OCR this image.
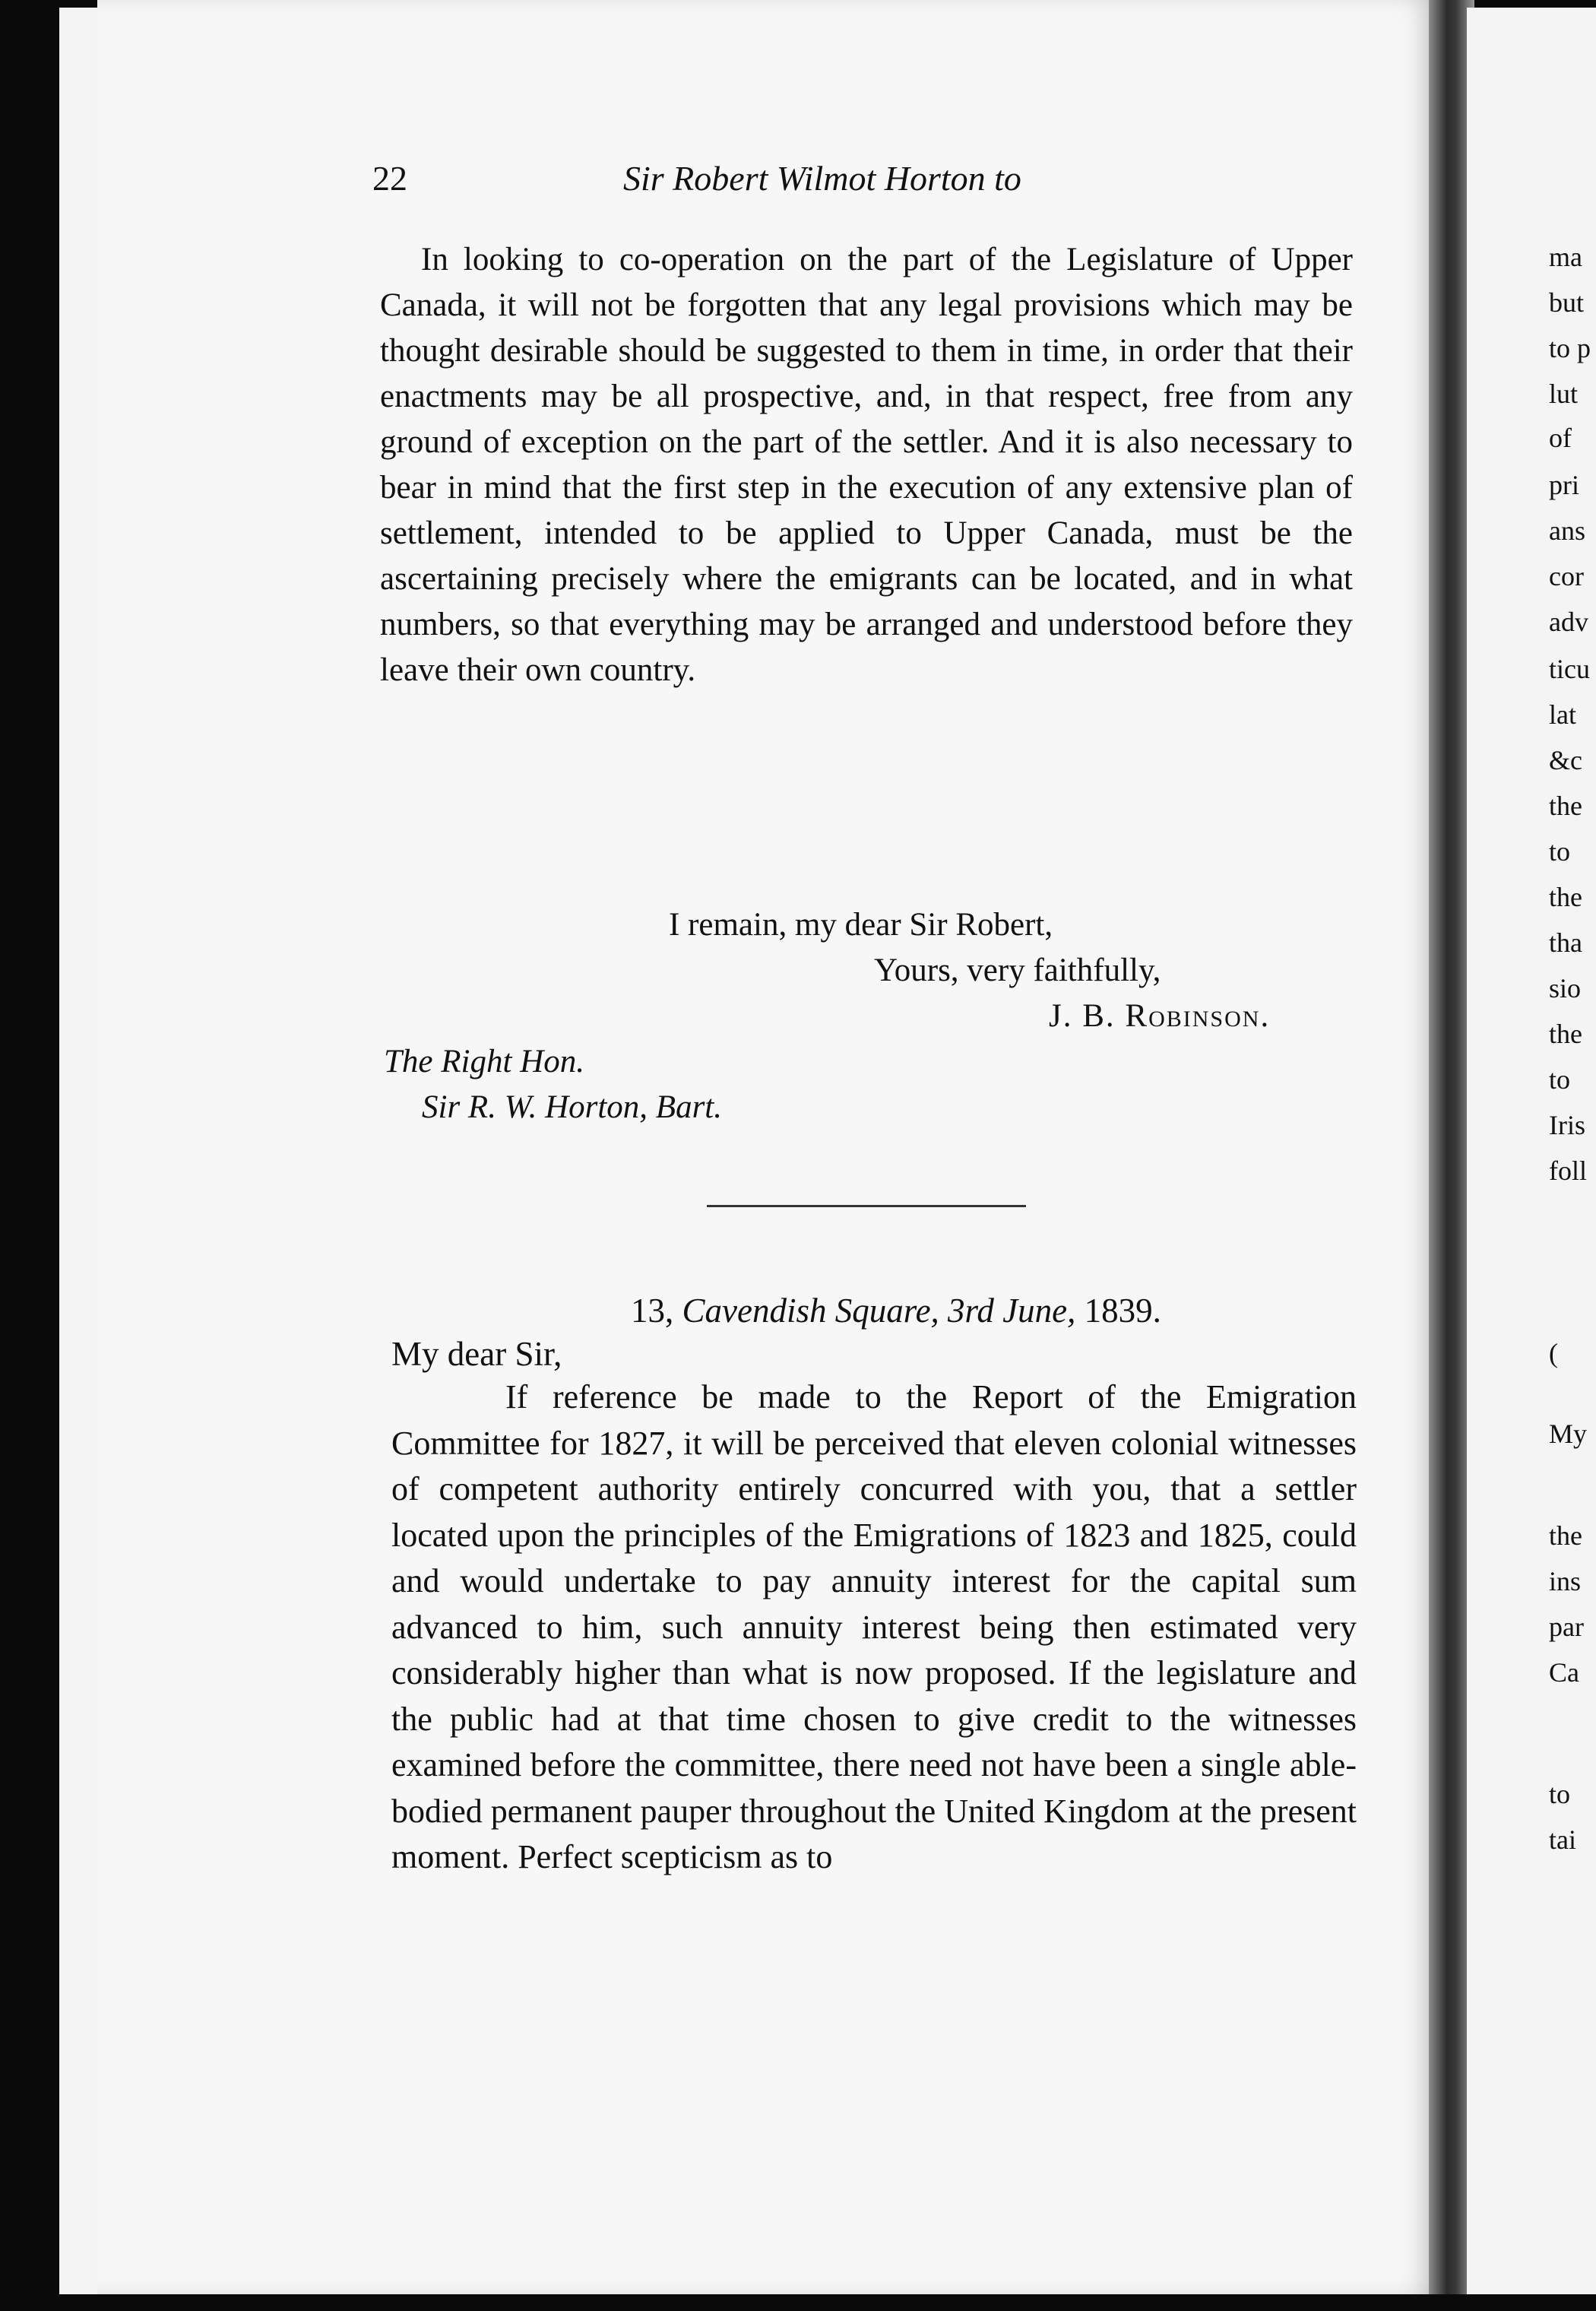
ma
but
to p
lut
of
pri
ans
cor
adv
ticu
lat
&c
the
to
the
tha
sio
the
to
Iris
foll
(
My
the
ins
par
Ca
to
tai
22	Sir Robert Wilmot Horton to

In looking to co-operation on the part of the Legislature of Upper Canada, it will not be forgotten that any legal provisions which may be thought desirable should be suggested to them in time, in order that their enactments may be all prospective, and, in that respect, free from any ground of exception on the part of the settler. And it is also necessary to bear in mind that the first step in the execution of any extensive plan of settlement, intended to be applied to Upper Canada, must be the ascertaining precisely where the emigrants can be located, and in what numbers, so that everything may be arranged and understood before they leave their own country.

I remain, my dear Sir Robert,
Yours, very faithfully,
J. B. Robinson.
The Right Hon.
Sir R. W. Horton, Bart.
13, Cavendish Square, 3rd June, 1839.
My dear Sir,

If reference be made to the Report of the Emigration Committee for 1827, it will be perceived that eleven colonial witnesses of competent authority entirely concurred with you, that a settler located upon the principles of the Emigrations of 1823 and 1825, could and would undertake to pay annuity interest for the capital sum advanced to him, such annuity interest being then estimated very considerably higher than what is now proposed. If the legislature and the public had at that time chosen to give credit to the witnesses examined before the committee, there need not have been a single able-bodied permanent pauper throughout the United Kingdom at the present moment. Perfect scepticism as to
